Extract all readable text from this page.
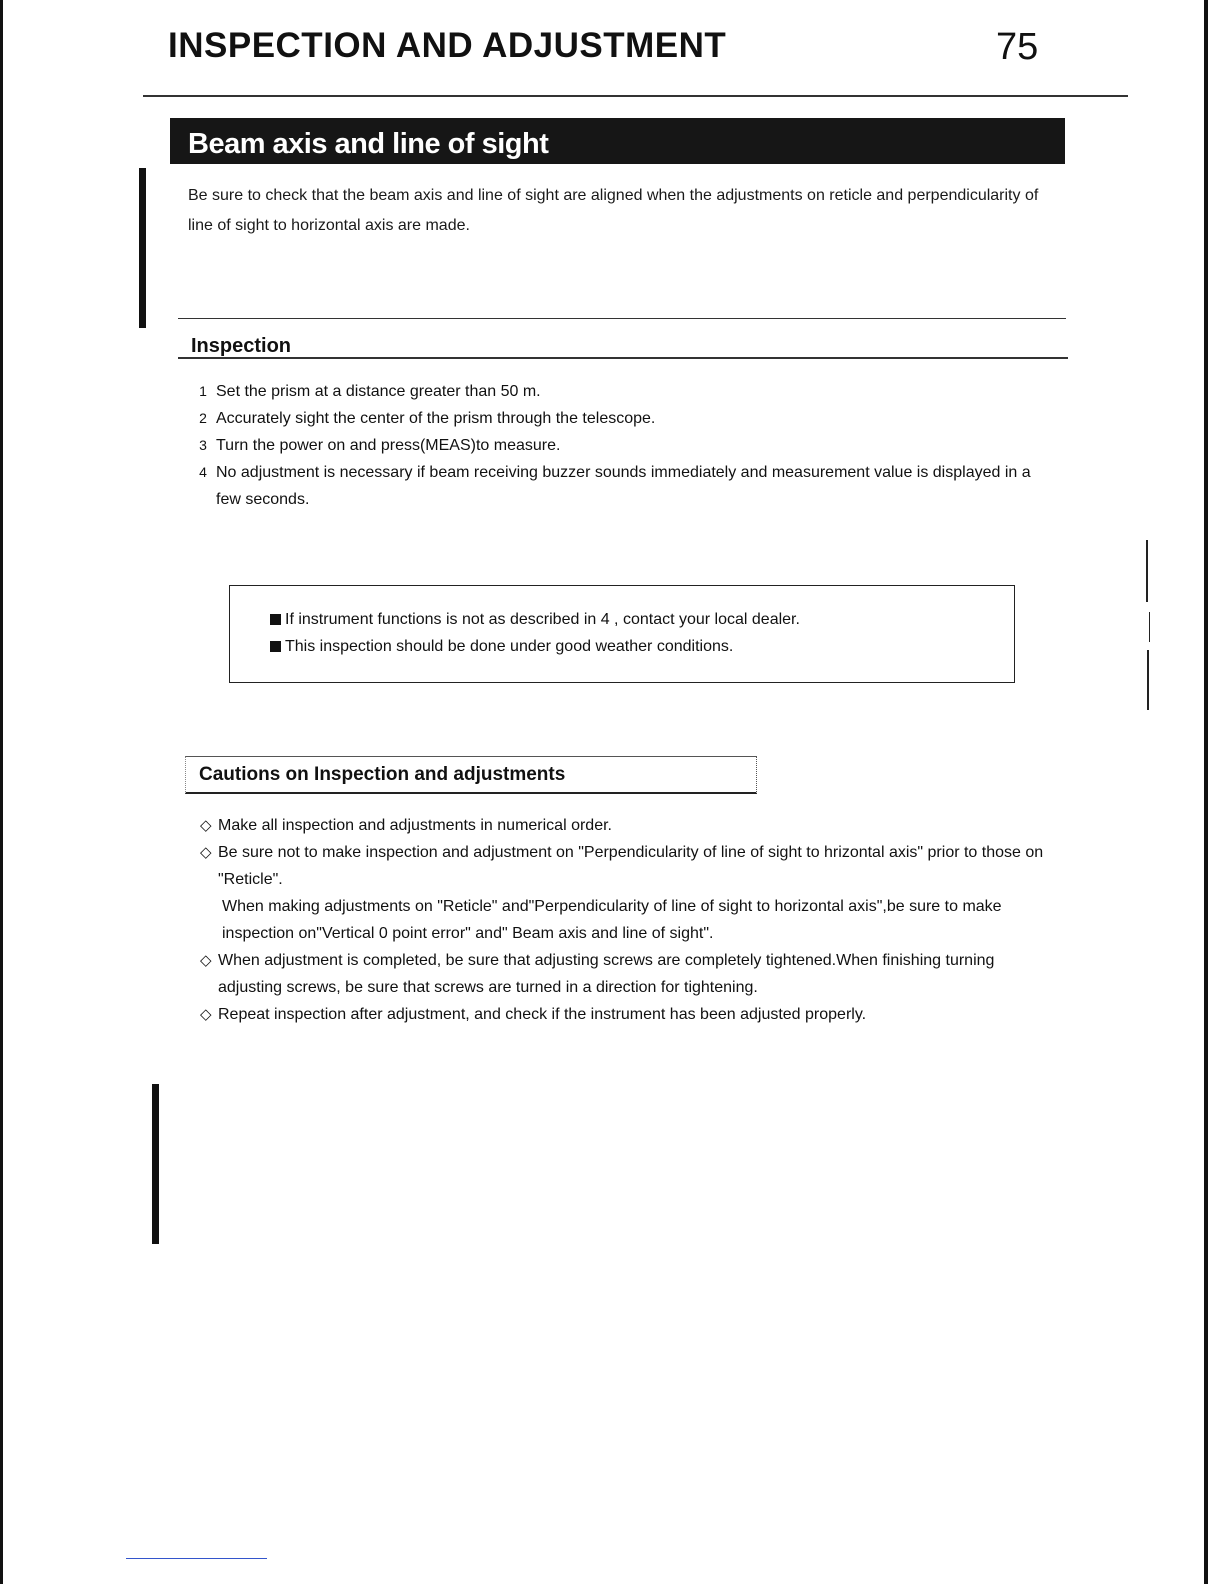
INSPECTION AND ADJUSTMENT	75
Beam axis and line of sight
Be sure to check that the beam axis and line of sight are aligned when the adjustments on reticle and perpendicularity of line of sight to horizontal axis are made.
Inspection
1 Set the prism at a distance greater than 50 m.
2 Accurately sight the center of the prism through the telescope.
3 Turn the power on and press(MEAS)to measure.
4 No adjustment is necessary if beam receiving buzzer sounds immediately and measurement value is displayed in a few seconds.
If instrument functions is not as described in 4 , contact your local dealer.
This inspection should be done under good weather conditions.
Cautions on Inspection and adjustments
◇ Make all inspection and adjustments in numerical order.

◇ Be sure not to make inspection and adjustment on "Perpendicularity of line of sight to hrizontal axis" prior to those on "Reticle".

When making adjustments on "Reticle" and"Perpendicularity of line of sight to horizontal axis",be sure to make inspection on"Vertical 0 point error" and" Beam axis and line of sight".

◇ When adjustment is completed, be sure that adjusting screws are completely tightened.When finishing turning adjusting screws, be sure that screws are turned in a direction for tightening.

◇ Repeat inspection after adjustment, and check if the instrument has been adjusted properly.
